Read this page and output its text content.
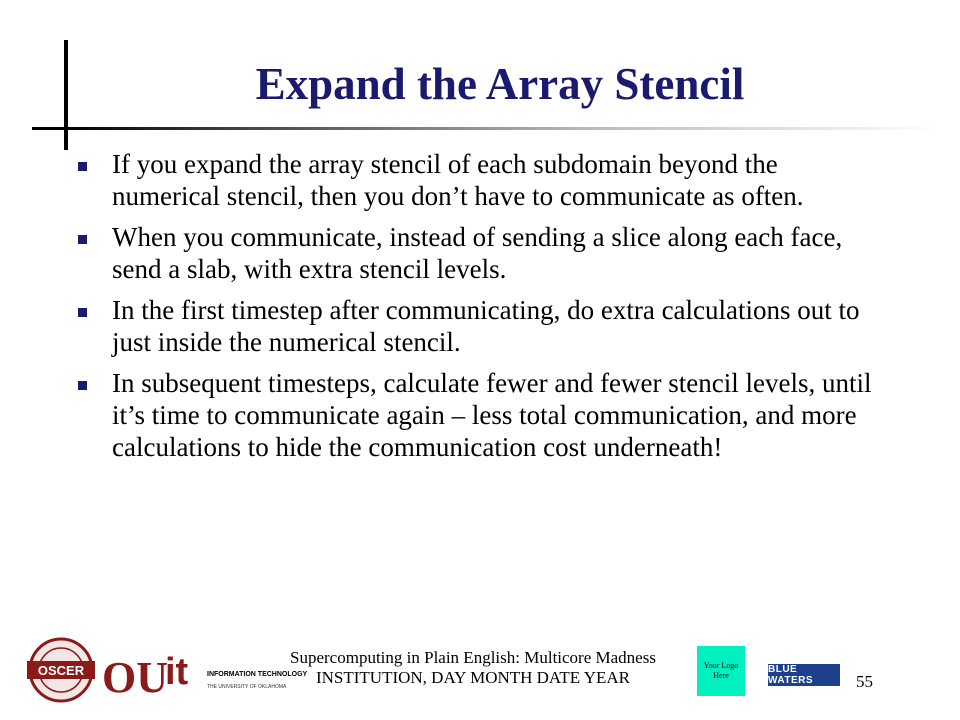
Expand the Array Stencil
If you expand the array stencil of each subdomain beyond the numerical stencil, then you don’t have to communicate as often.
When you communicate, instead of sending a slice along each face, send a slab, with extra stencil levels.
In the first timestep after communicating, do extra calculations out to just inside the numerical stencil.
In subsequent timesteps, calculate fewer and fewer stencil levels, until it’s time to communicate again – less total communication, and more calculations to hide the communication cost underneath!
OSCER OU
it	INFORMATION TECHNOLOGY
THE UNIVERSITY OF OKLAHOMA
Supercomputing in Plain English: Multicore Madness
INSTITUTION, DAY MONTH DATE YEAR
Your Logo Here
BLUE WATERS	55
